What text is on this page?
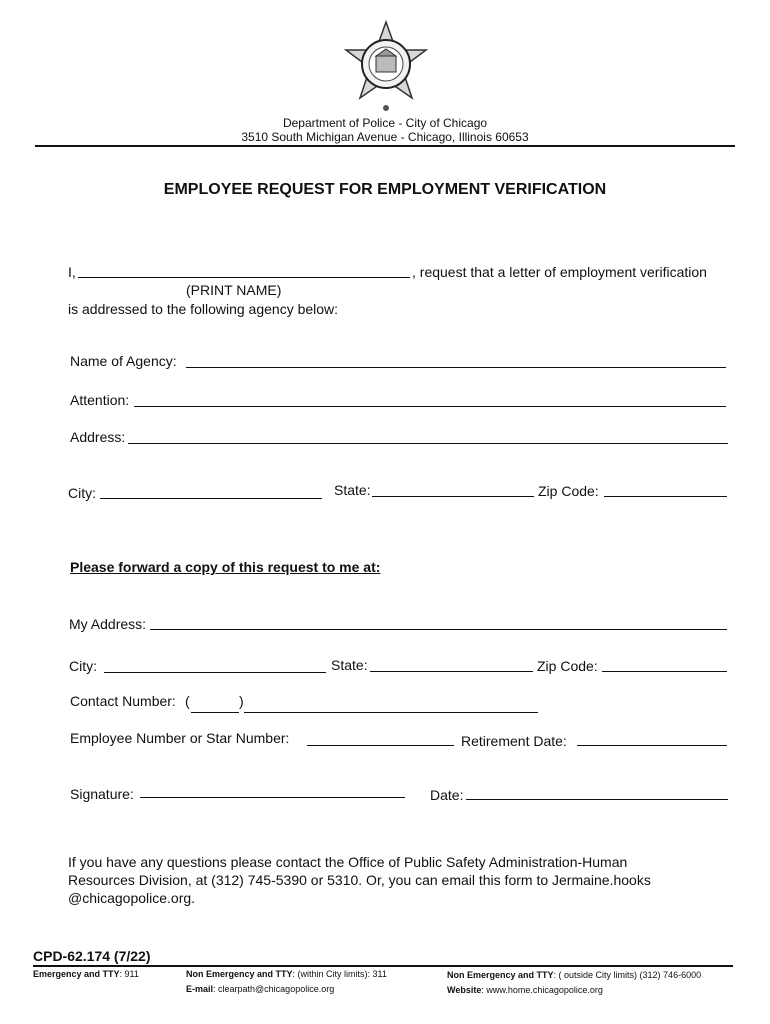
Department of Police - City of Chicago
3510 South Michigan Avenue - Chicago, Illinois 60653
EMPLOYEE REQUEST FOR EMPLOYMENT VERIFICATION
I,	, request that a letter of employment verification
(PRINT NAME)
is addressed to the following agency below:
Name of Agency:
Attention:
Address:
City:	State:	Zip Code:
Please forward a copy of this request to me at:
My Address:
City:	State:	Zip Code:
Contact Number: (	)
Employee Number or Star Number:	Retirement Date:
Signature:	Date:
If you have any questions please contact the Office of Public Safety Administration-Human
Resources Division, at (312) 745-5390 or 5310. Or, you can email this form to Jermaine.hooks
@chicagopolice.org.
CPD-62.174 (7/22)
Emergency and TTY: 911	Non Emergency and TTY: (within City limits): 311
E-mail: clearpath@chicagopolice.org
Non Emergency and TTY: ( outside City limits) (312) 746-6000
Website: www.home.chicagopolice.org
